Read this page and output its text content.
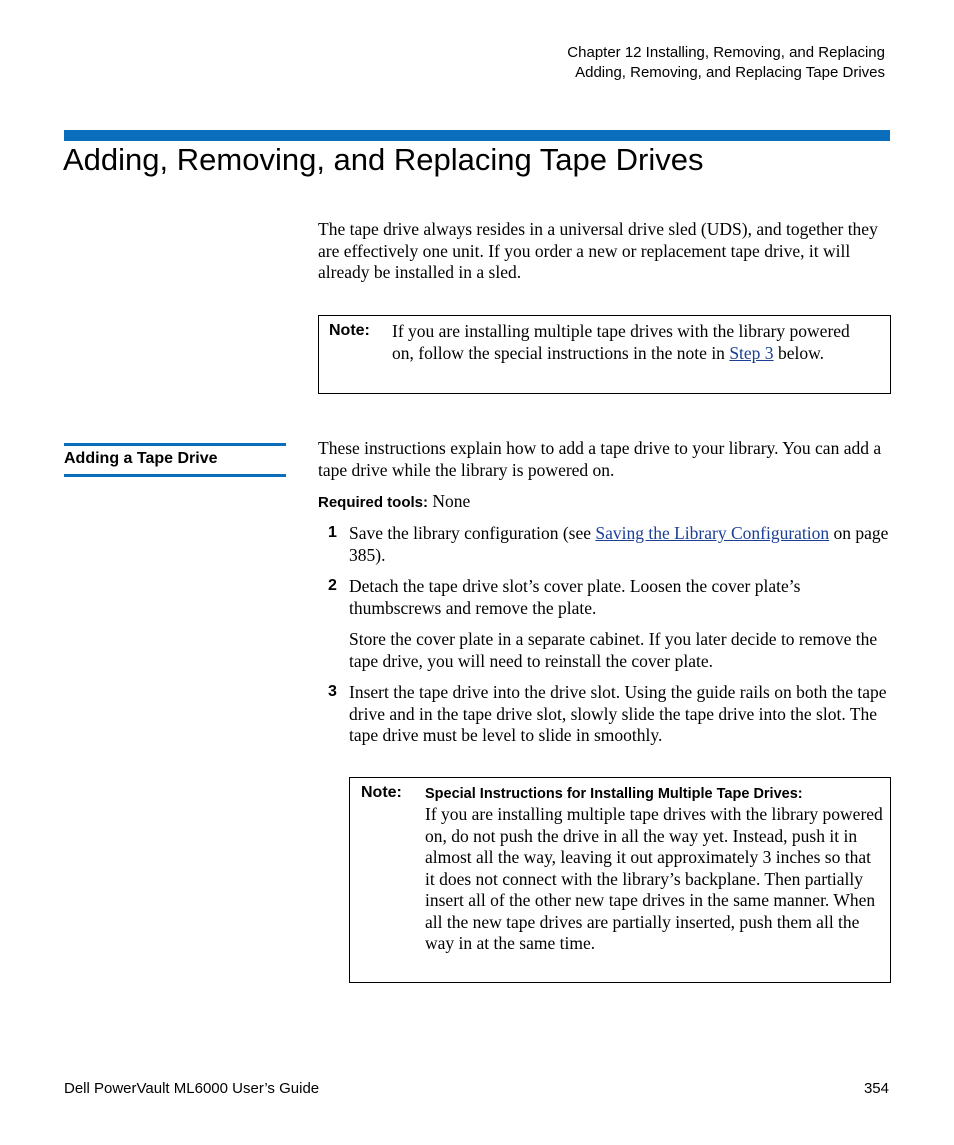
Chapter 12 Installing, Removing, and Replacing
Adding, Removing, and Replacing Tape Drives
Adding, Removing, and Replacing Tape Drives

The tape drive always resides in a universal drive sled (UDS), and together they are effectively one unit. If you order a new or replacement tape drive, it will already be installed in a sled.

Note: If you are installing multiple tape drives with the library powered on, follow the special instructions in the note in Step 3 below.

Adding a Tape Drive

These instructions explain how to add a tape drive to your library. You can add a tape drive while the library is powered on.

Required tools: None

1 Save the library configuration (see Saving the Library Configuration on page 385).

2 Detach the tape drive slot’s cover plate. Loosen the cover plate’s thumbscrews and remove the plate.

Store the cover plate in a separate cabinet. If you later decide to remove the tape drive, you will need to reinstall the cover plate.

3 Insert the tape drive into the drive slot. Using the guide rails on both the tape drive and in the tape drive slot, slowly slide the tape drive into the slot. The tape drive must be level to slide in smoothly.

Note: Special Instructions for Installing Multiple Tape Drives:

If you are installing multiple tape drives with the library powered on, do not push the drive in all the way yet. Instead, push it in almost all the way, leaving it out approximately 3 inches so that it does not connect with the library’s backplane. Then partially insert all of the other new tape drives in the same manner. When all the new tape drives are partially inserted, push them all the way in at the same time.

Dell PowerVault ML6000 User’s Guide	354
